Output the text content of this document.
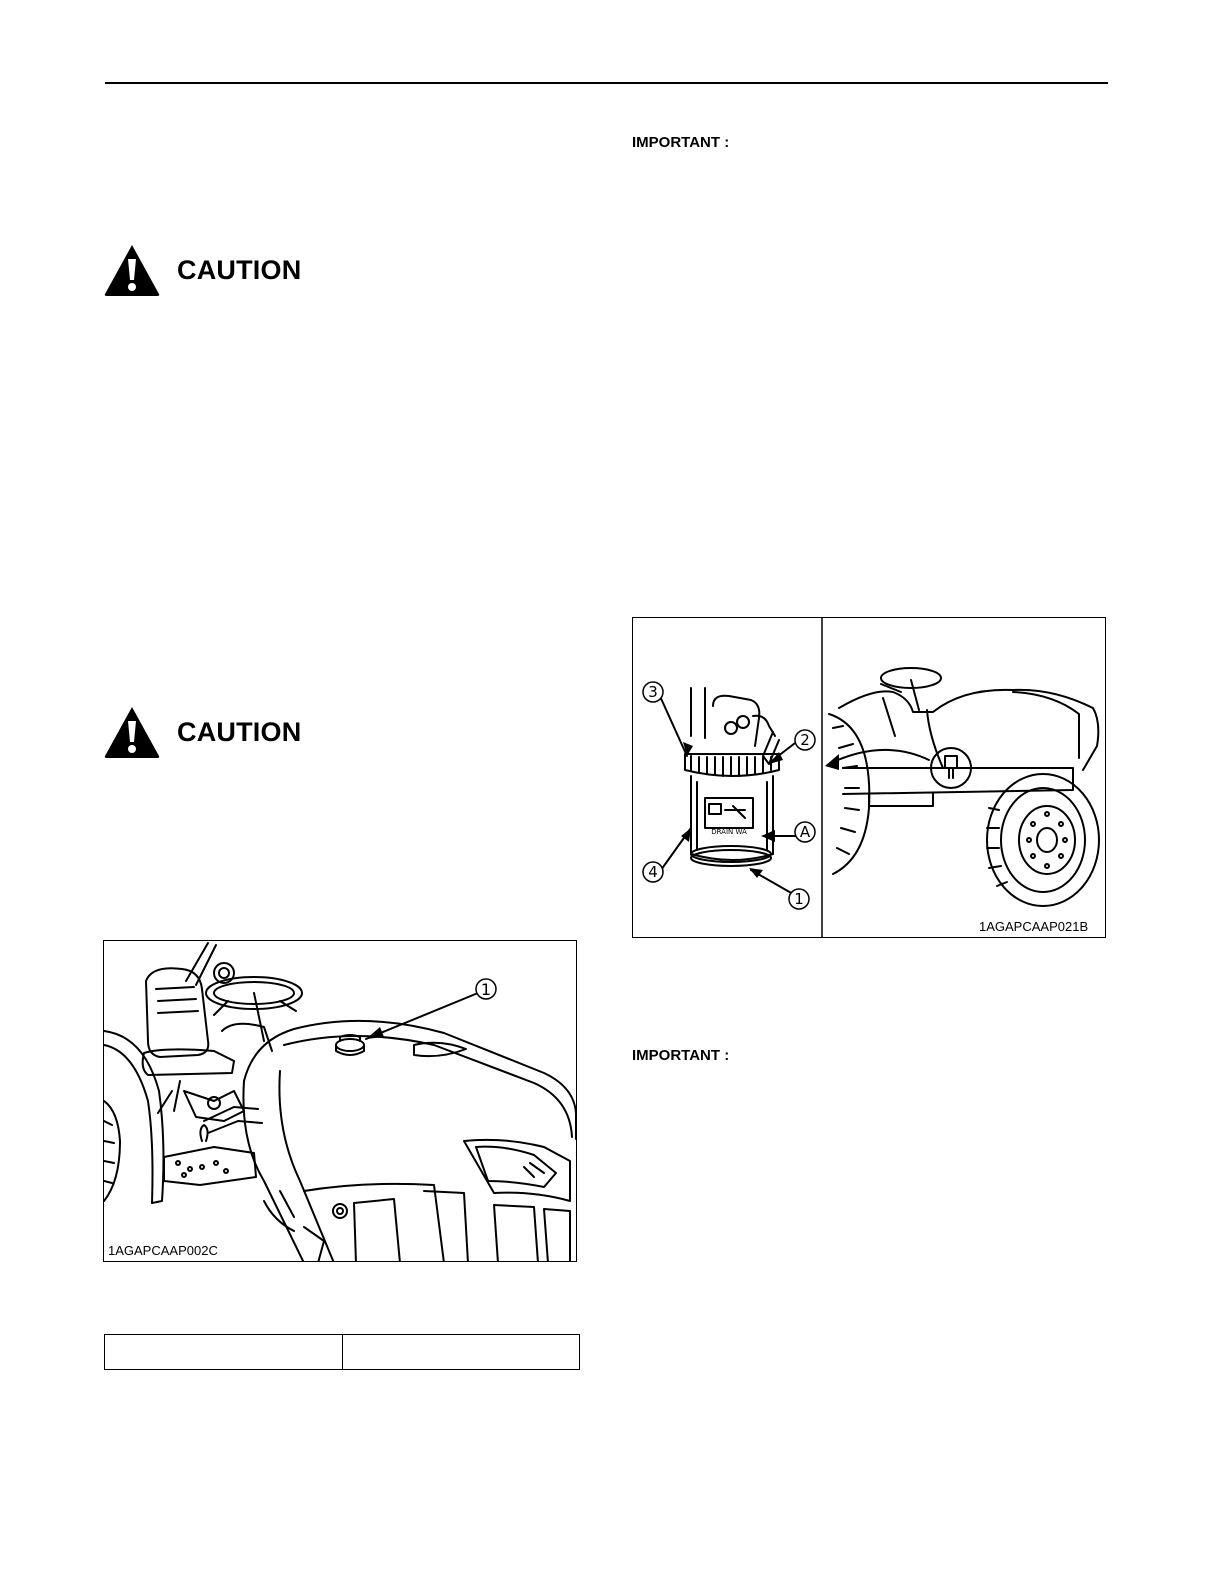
CAUTION
CAUTION
IMPORTANT :
IMPORTANT :
1
1AGAPCAAP002C
3
2
A
4
1
DRAIN WA
1AGAPCAAP021B
